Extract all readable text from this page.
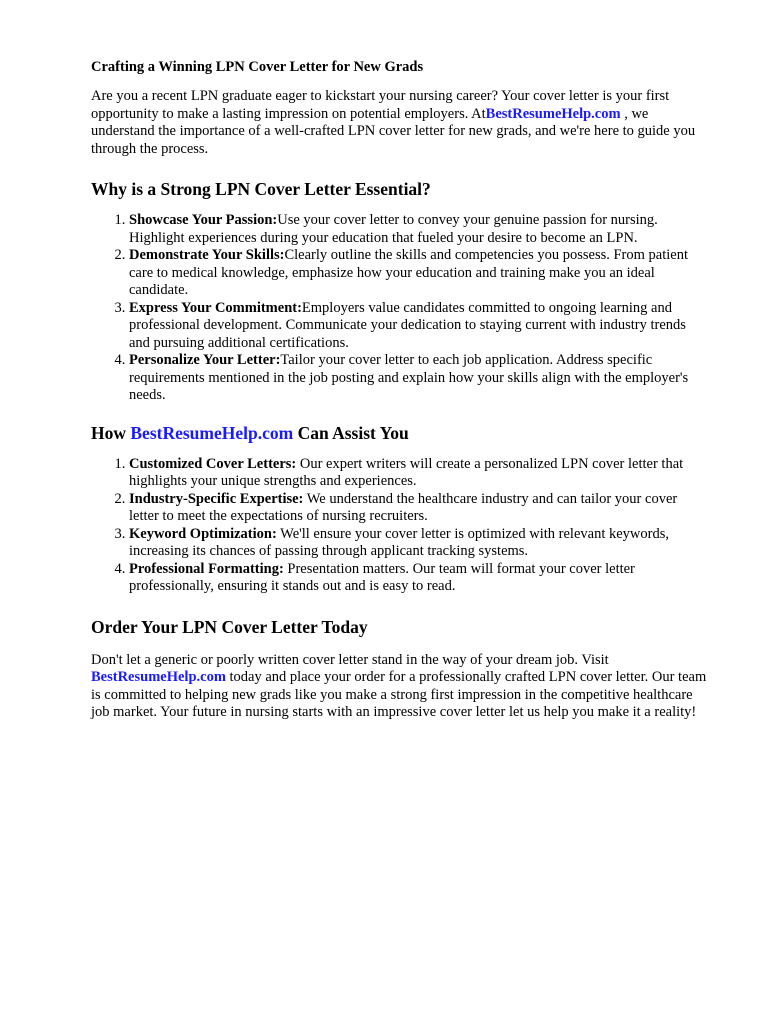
Crafting a Winning LPN Cover Letter for New Grads

Are you a recent LPN graduate eager to kickstart your nursing career? Your cover letter is your first opportunity to make a lasting impression on potential employers. AtBestResumeHelp.com , we understand the importance of a well-crafted LPN cover letter for new grads, and we're here to guide you through the process.

Why is a Strong LPN Cover Letter Essential?
1. Showcase Your Passion:Use your cover letter to convey your genuine passion for nursing. Highlight experiences during your education that fueled your desire to become an LPN.
2. Demonstrate Your Skills:Clearly outline the skills and competencies you possess. From patient care to medical knowledge, emphasize how your education and training make you an ideal candidate.
3. Express Your Commitment:Employers value candidates committed to ongoing learning and professional development. Communicate your dedication to staying current with industry trends and pursuing additional certifications.
4. Personalize Your Letter:Tailor your cover letter to each job application. Address specific requirements mentioned in the job posting and explain how your skills align with the employer's needs.
How BestResumeHelp.com Can Assist You
1. Customized Cover Letters: Our expert writers will create a personalized LPN cover letter that highlights your unique strengths and experiences.
2. Industry-Specific Expertise: We understand the healthcare industry and can tailor your cover letter to meet the expectations of nursing recruiters.
3. Keyword Optimization: We'll ensure your cover letter is optimized with relevant keywords, increasing its chances of passing through applicant tracking systems.
4. Professional Formatting: Presentation matters. Our team will format your cover letter professionally, ensuring it stands out and is easy to read.
Order Your LPN Cover Letter Today

Don't let a generic or poorly written cover letter stand in the way of your dream job. Visit BestResumeHelp.com today and place your order for a professionally crafted LPN cover letter. Our team is committed to helping new grads like you make a strong first impression in the competitive healthcare job market. Your future in nursing starts with an impressive cover letter let us help you make it a reality!
